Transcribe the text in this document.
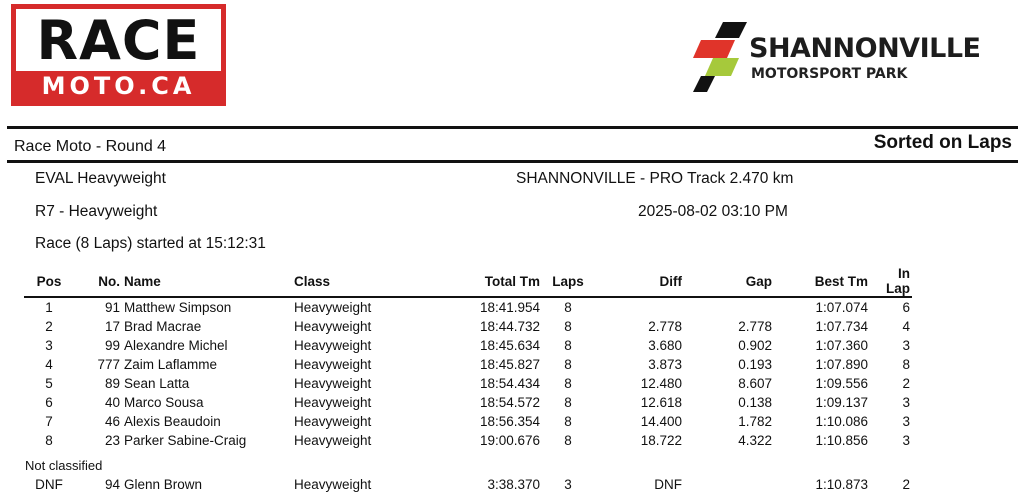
RACE
MOTO.CA
SHANNONVILLE
MOTORSPORT PARK
Race Moto - Round 4	Sorted on Laps
EVAL Heavyweight	SHANNONVILLE - PRO Track 2.470 km
R7 - Heavyweight	2025-08-02 03:10 PM
Race (8 Laps) started at 15:12:31
Pos	No.	Name	Class	Total Tm	Laps	Diff	Gap	Best Tm	In Lap
1	91	Matthew Simpson	Heavyweight	18:41.954	8			1:07.074	6
2	17	Brad Macrae	Heavyweight	18:44.732	8	2.778	2.778	1:07.734	4
3	99	Alexandre Michel	Heavyweight	18:45.634	8	3.680	0.902	1:07.360	3
4	777	Zaim Laflamme	Heavyweight	18:45.827	8	3.873	0.193	1:07.890	8
5	89	Sean Latta	Heavyweight	18:54.434	8	12.480	8.607	1:09.556	2
6	40	Marco Sousa	Heavyweight	18:54.572	8	12.618	0.138	1:09.137	3
7	46	Alexis Beaudoin	Heavyweight	18:56.354	8	14.400	1.782	1:10.086	3
8	23	Parker Sabine-Craig	Heavyweight	19:00.676	8	18.722	4.322	1:10.856	3
Not classified
DNF	94	Glenn Brown	Heavyweight	3:38.370	3	DNF		1:10.873	2
